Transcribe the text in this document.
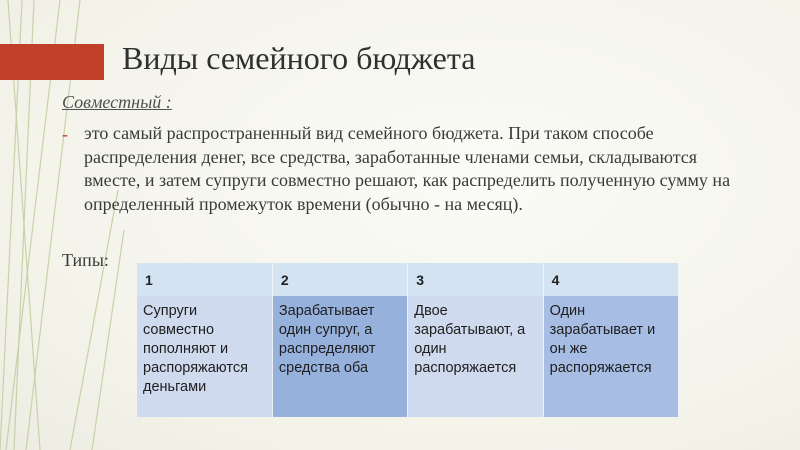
Виды семейного бюджета
Совместный :
- это самый распространенный вид семейного бюджета. При таком способе распределения денег, все средства, заработанные членами семьи, складываются вместе, и затем супруги совместно решают, как распределить полученную сумму на определенный промежуток времени (обычно - на месяц).
Типы:
1	2	3	4
Супруги совместно пополняют и распоряжаются деньгами	Зарабатывает один супруг, а распределяют средства оба	Двое зарабатывают, а один распоряжается	Один зарабатывает и он же распоряжается
